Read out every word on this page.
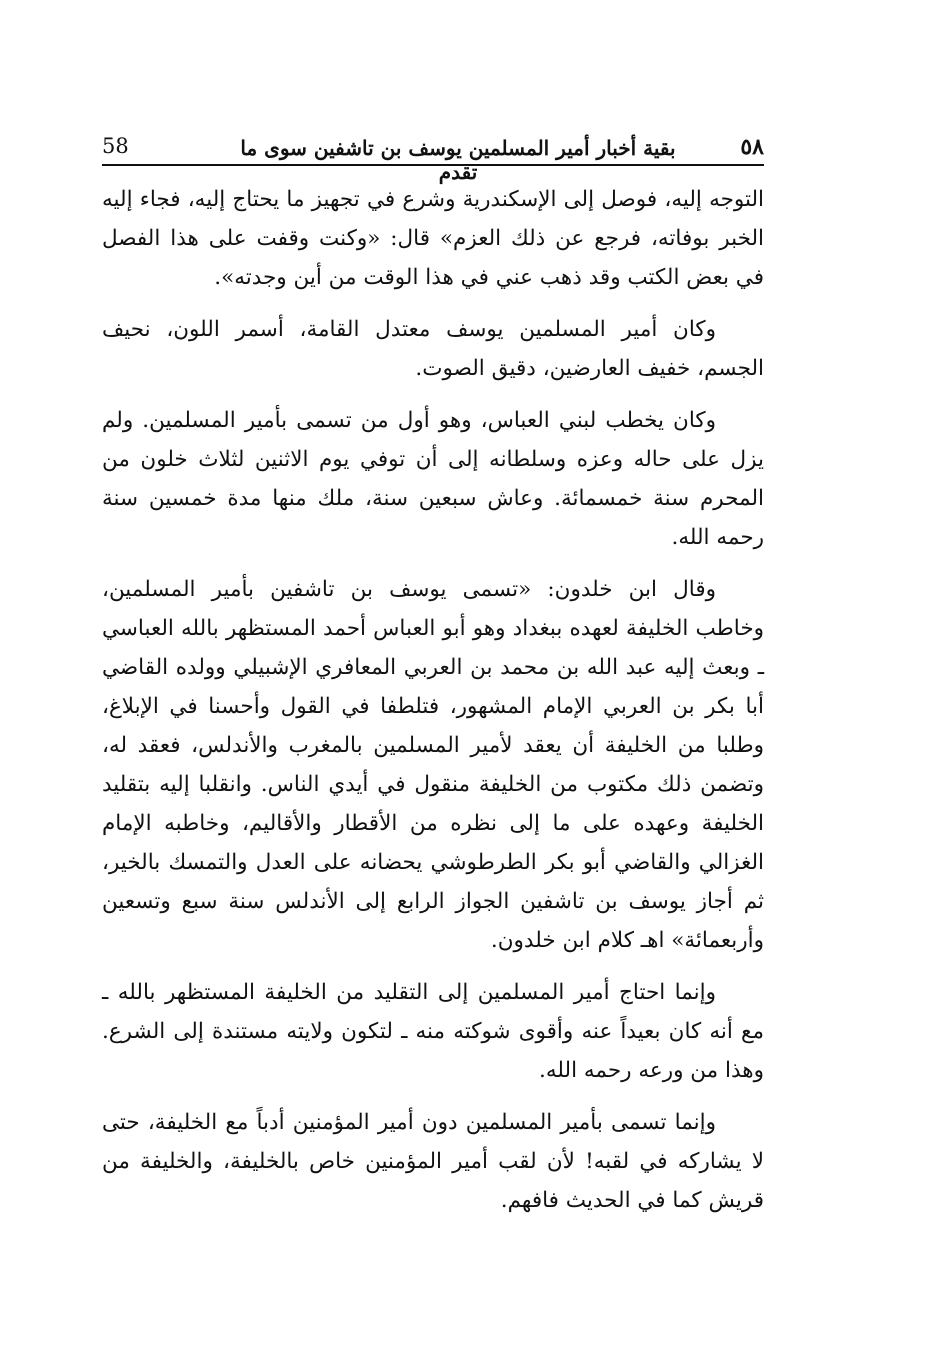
٥٨
بقية أخبار أمير المسلمين يوسف بن تاشفين سوى ما تقدم
58

التوجه إليه، فوصل إلى الإسكندرية وشرع في تجهيز ما يحتاج إليه، فجاء إليه الخبر بوفاته، فرجع عن ذلك العزم» قال: «وكنت وقفت على هذا الفصل في بعض الكتب وقد ذهب عني في هذا الوقت من أين وجدته».

وكان أمير المسلمين يوسف معتدل القامة، أسمر اللون، نحيف الجسم، خفيف العارضين، دقيق الصوت.

وكان يخطب لبني العباس، وهو أول من تسمى بأمير المسلمين. ولم يزل على حاله وعزه وسلطانه إلى أن توفي يوم الاثنين لثلاث خلون من المحرم سنة خمسمائة. وعاش سبعين سنة، ملك منها مدة خمسين سنة رحمه الله.

وقال ابن خلدون: «تسمى يوسف بن تاشفين بأمير المسلمين، وخاطب الخليفة لعهده ببغداد وهو أبو العباس أحمد المستظهر بالله العباسي ـ وبعث إليه عبد الله بن محمد بن العربي المعافري الإشبيلي وولده القاضي أبا بكر بن العربي الإمام المشهور، فتلطفا في القول وأحسنا في الإبلاغ، وطلبا من الخليفة أن يعقد لأمير المسلمين بالمغرب والأندلس، فعقد له، وتضمن ذلك مكتوب من الخليفة منقول في أيدي الناس. وانقلبا إليه بتقليد الخليفة وعهده على ما إلى نظره من الأقطار والأقاليم، وخاطبه الإمام الغزالي والقاضي أبو بكر الطرطوشي يحضانه على العدل والتمسك بالخير، ثم أجاز يوسف بن تاشفين الجواز الرابع إلى الأندلس سنة سبع وتسعين وأربعمائة» اهـ كلام ابن خلدون.

وإنما احتاج أمير المسلمين إلى التقليد من الخليفة المستظهر بالله ـ مع أنه كان بعيداً عنه وأقوى شوكته منه ـ لتكون ولايته مستندة إلى الشرع. وهذا من ورعه رحمه الله.

وإنما تسمى بأمير المسلمين دون أمير المؤمنين أدباً مع الخليفة، حتى لا يشاركه في لقبه! لأن لقب أمير المؤمنين خاص بالخليفة، والخليفة من قريش كما في الحديث فافهم.
